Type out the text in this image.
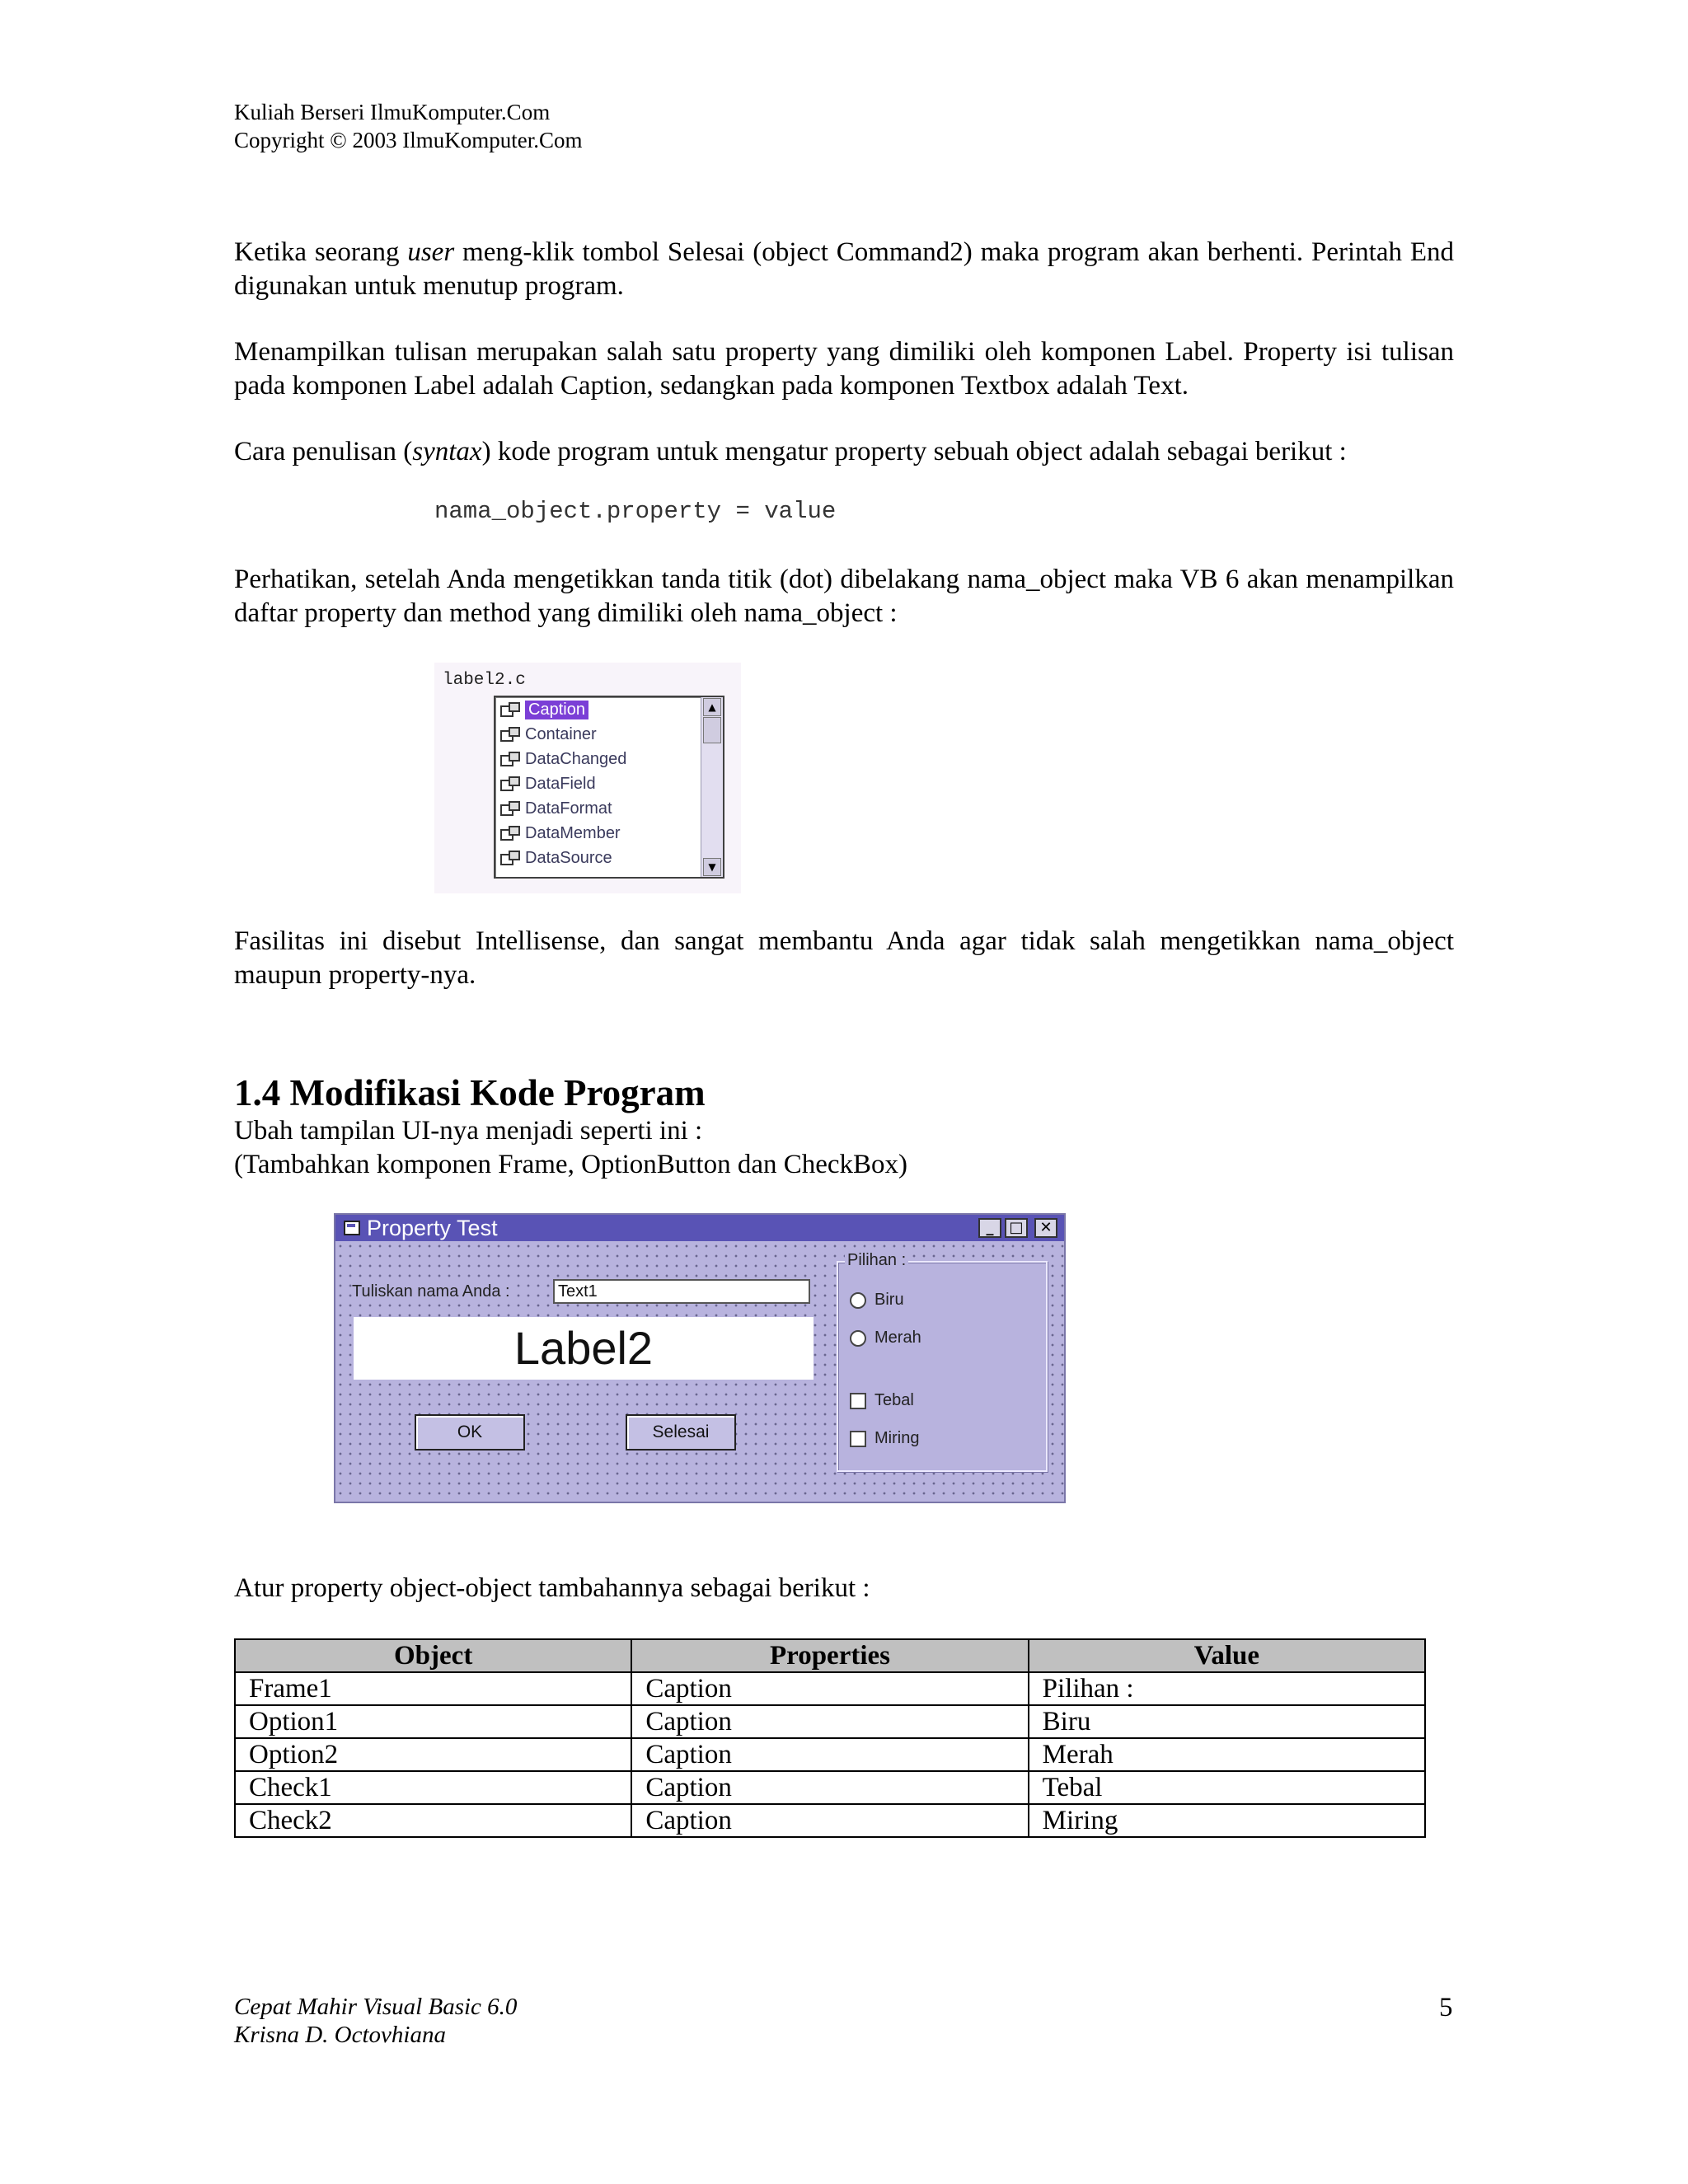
Kuliah Berseri IlmuKomputer.Com
Copyright © 2003 IlmuKomputer.Com
Ketika seorang user meng-klik tombol Selesai (object Command2) maka program akan berhenti. Perintah End digunakan untuk menutup program.
Menampilkan tulisan merupakan salah satu property yang dimiliki oleh komponen Label. Property isi tulisan pada komponen Label adalah Caption, sedangkan pada komponen Textbox adalah Text.
Cara penulisan (syntax) kode program untuk mengatur property sebuah object adalah sebagai berikut :
nama_object.property = value
Perhatikan, setelah Anda mengetikkan tanda titik (dot) dibelakang nama_object maka VB 6 akan menampilkan daftar property dan method yang dimiliki oleh nama_object :
label2.c
Caption
Container
DataChanged
DataField
DataFormat
DataMember
DataSource
▲
▼
Fasilitas ini disebut Intellisense, dan sangat membantu Anda agar tidak salah mengetikkan nama_object maupun property-nya.
1.4 Modifikasi Kode Program
Ubah tampilan UI-nya menjadi seperti ini :
(Tambahkan komponen Frame, OptionButton dan CheckBox)
Property Test	_	□	✕
Tuliskan nama Anda :	Text1
Label2
OK	Selesai
Pilihan :
Biru
Merah
Tebal
Miring
Atur property object-object tambahannya sebagai berikut :
Object	Properties	Value
Frame1	Caption	Pilihan :
Option1	Caption	Biru
Option2	Caption	Merah
Check1	Caption	Tebal
Check2	Caption	Miring
Cepat Mahir Visual Basic 6.0
Krisna D. Octovhiana
5
